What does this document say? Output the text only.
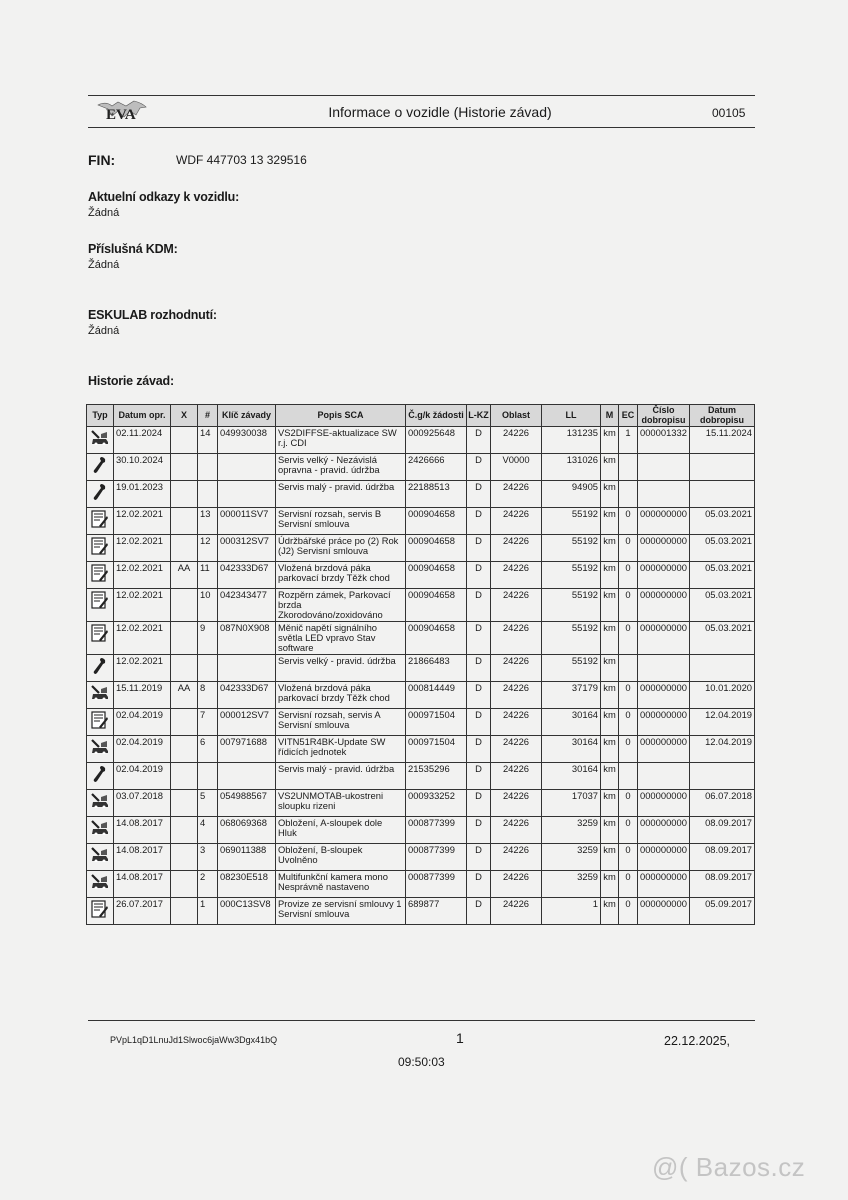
EVA	Informace o vozidle (Historie závad)	00105
FIN:	WDF 447703 13 329516
Aktuelní odkazy k vozidlu:
Žádná
Příslušná KDM:
Žádná
ESKULAB rozhodnutí:
Žádná
Historie závad:
Typ	Datum opr.	X	#	Klíč závady	Popis SCA	Č.g/k žádosti	L-KZ	Oblast	LL	M	EC	Číslo dobropisu	Datum dobropisu
	02.11.2024		14	049930038	VS2DIFFSE-aktualizace SW r.j. CDI	000925648	D	24226	131235	km	1	000001332	15.11.2024
	30.10.2024				Servis velký - Nezávislá opravna - pravid. údržba	2426666	D	V0000	131026	km			
	19.01.2023				Servis malý - pravid. údržba	22188513	D	24226	94905	km			
	12.02.2021		13	000011SV7	Servisní rozsah, servis B Servisní smlouva	000904658	D	24226	55192	km	0	000000000	05.03.2021
	12.02.2021		12	000312SV7	Údržbářské práce po (2) Rok (J2) Servisní smlouva	000904658	D	24226	55192	km	0	000000000	05.03.2021
	12.02.2021	AA	11	042333D67	Vložená brzdová páka parkovací brzdy Těžk chod	000904658	D	24226	55192	km	0	000000000	05.03.2021
	12.02.2021		10	042343477	Rozpěrn zámek, Parkovací brzda Zkorodováno/zoxidováno	000904658	D	24226	55192	km	0	000000000	05.03.2021
	12.02.2021		9	087N0X908	Měnič napětí signálního světla LED vpravo Stav software	000904658	D	24226	55192	km	0	000000000	05.03.2021
	12.02.2021				Servis velký - pravid. údržba	21866483	D	24226	55192	km			
	15.11.2019	AA	8	042333D67	Vložená brzdová páka parkovací brzdy Těžk chod	000814449	D	24226	37179	km	0	000000000	10.01.2020
	02.04.2019		7	000012SV7	Servisní rozsah, servis A Servisní smlouva	000971504	D	24226	30164	km	0	000000000	12.04.2019
	02.04.2019		6	007971688	VITN51R4BK-Update SW řídicích jednotek	000971504	D	24226	30164	km	0	000000000	12.04.2019
	02.04.2019				Servis malý - pravid. údržba	21535296	D	24226	30164	km			
	03.07.2018		5	054988567	VS2UNMOTAB-ukostreni sloupku rizeni	000933252	D	24226	17037	km	0	000000000	06.07.2018
	14.08.2017		4	068069368	Obložení, A-sloupek dole Hluk	000877399	D	24226	3259	km	0	000000000	08.09.2017
	14.08.2017		3	069011388	Obložení, B-sloupek Uvolněno	000877399	D	24226	3259	km	0	000000000	08.09.2017
	14.08.2017		2	08230E518	Multifunkční kamera mono Nesprávně nastaveno	000877399	D	24226	3259	km	0	000000000	08.09.2017
	26.07.2017		1	000C13SV8	Provize ze servisní smlouvy 1 Servisní smlouva	689877	D	24226	1	km	0	000000000	05.09.2017
PVpL1qD1LnuJd1Slwoc6jaWw3Dgx41bQ	1	22.12.2025,
09:50:03
@( Bazos.cz
